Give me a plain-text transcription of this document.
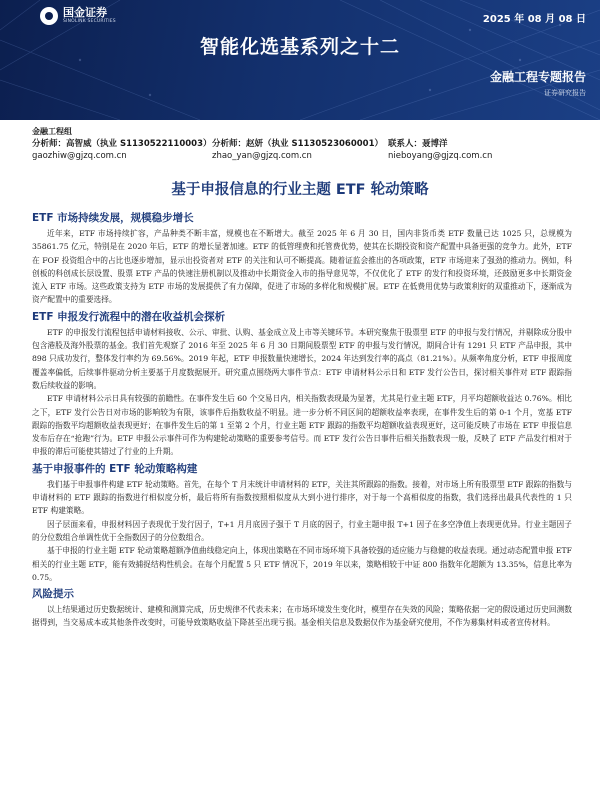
国金证券
SINOLINK SECURITIES	2025 年 08 月 08 日
智能化选基系列之十二
金融工程专题报告
证券研究报告
金融工程组
分析师：高智威（执业 S1130522110003）
gaozhiw@gjzq.com.cn
分析师：赵妍（执业 S1130523060001）
zhao_yan@gjzq.com.cn
联系人：聂博洋
nieboyang@gjzq.com.cn
基于申报信息的行业主题 ETF 轮动策略
ETF 市场持续发展，规模稳步增长

近年来，ETF 市场持续扩容，产品种类不断丰富，规模也在不断增大。截至 2025 年 6 月 30 日，国内非货币类 ETF 数量已达 1025 只，总规模为 35861.75 亿元，特别是在 2020 年后，ETF 的增长显著加速。ETF 的低管理费和托管费优势，使其在长期投资和资产配置中具备更强的竞争力。此外，ETF 在 FOF 投资组合中的占比也逐步增加，显示出投资者对 ETF 的关注和认可不断提高。随着证监会推出的各项政策，ETF 市场迎来了强劲的推动力。例如，科创板的科创成长层设置、股票 ETF 产品的快速注册机制以及推动中长期资金入市的指导意见等，不仅优化了 ETF 的发行和投资环境，还鼓励更多中长期资金流入 ETF 市场。这些政策支持为 ETF 市场的发展提供了有力保障，促进了市场的多样化和规模扩展。ETF 在低费用优势与政策利好的双重推动下，逐渐成为资产配置中的重要选择。

ETF 申报发行流程中的潜在收益机会探析

ETF 的申报发行流程包括申请材料接收、公示、审批、认购、基金成立及上市等关键环节。本研究聚焦于股票型 ETF 的申报与发行情况，并剔除成分股中包含港股及海外股票的基金。我们首先观察了 2016 年至 2025 年 6 月 30 日期间股票型 ETF 的申报与发行情况，期间合计有 1291 只 ETF 产品申报，其中 898 只成功发行，整体发行率约为 69.56%。2019 年起，ETF 申报数量快速增长，2024 年达到发行率的高点（81.21%）。从频率角度分析，ETF 申报周度覆盖率偏低，后续事件驱动分析主要基于月度数据展开。研究重点围绕两大事件节点：ETF 申请材料公示日和 ETF 发行公告日，探讨相关事件对 ETF 跟踪指数后续收益的影响。

ETF 申请材料公示日具有较强的前瞻性。在事件发生后 60 个交易日内，相关指数表现最为显著，尤其是行业主题 ETF，月平均超额收益达 0.76%。相比之下，ETF 发行公告日对市场的影响较为有限，该事件后指数收益不明显。进一步分析不同区间的超额收益率表现，在事件发生后的第 0-1 个月，宽基 ETF 跟踪的指数平均超额收益表现更好；在事件发生后的第 1 至第 2 个月，行业主题 ETF 跟踪的指数平均超额收益表现更好，这可能反映了市场在 ETF 申报信息发布后存在“抢跑”行为。ETF 申报公示事件可作为构建轮动策略的重要参考信号。而 ETF 发行公告日事件后相关指数表现一般，反映了 ETF 产品发行相对于申报的滞后可能使其错过了行业的上升期。

基于申报事件的 ETF 轮动策略构建

我们基于申报事件构建 ETF 轮动策略。首先，在每个 T 月末统计申请材料的 ETF，关注其所跟踪的指数。接着，对市场上所有股票型 ETF 跟踪的指数与申请材料的 ETF 跟踪的指数进行相似度分析，最后将所有指数按照相似度从大到小进行排序，对于每一个高相似度的指数，我们选择出最具代表性的 1 只 ETF 构建策略。

因子层面来看，申报材料因子表现优于发行因子，T+1 月月底因子强于 T 月底的因子，行业主题申报 T+1 因子在多空净值上表现更优异。行业主题因子的分位数组合单调性优于全指数因子的分位数组合。

基于申报的行业主题 ETF 轮动策略超额净值曲线稳定向上，体现出策略在不同市场环境下具备较强的适应能力与稳健的收益表现。通过动态配置申报 ETF 相关的行业主题 ETF，能有效捕捉结构性机会。在每个月配置 5 只 ETF 情况下，2019 年以来，策略相较于中证 800 指数年化超额为 13.35%，信息比率为 0.75。

风险提示

以上结果通过历史数据统计、建模和测算完成，历史规律不代表未来；在市场环境发生变化时，模型存在失效的风险；策略依据一定的假设通过历史回测数据得到，当交易成本或其他条件改变时，可能导致策略收益下降甚至出现亏损。基金相关信息及数据仅作为基金研究使用，不作为募集材料或者宣传材料。
